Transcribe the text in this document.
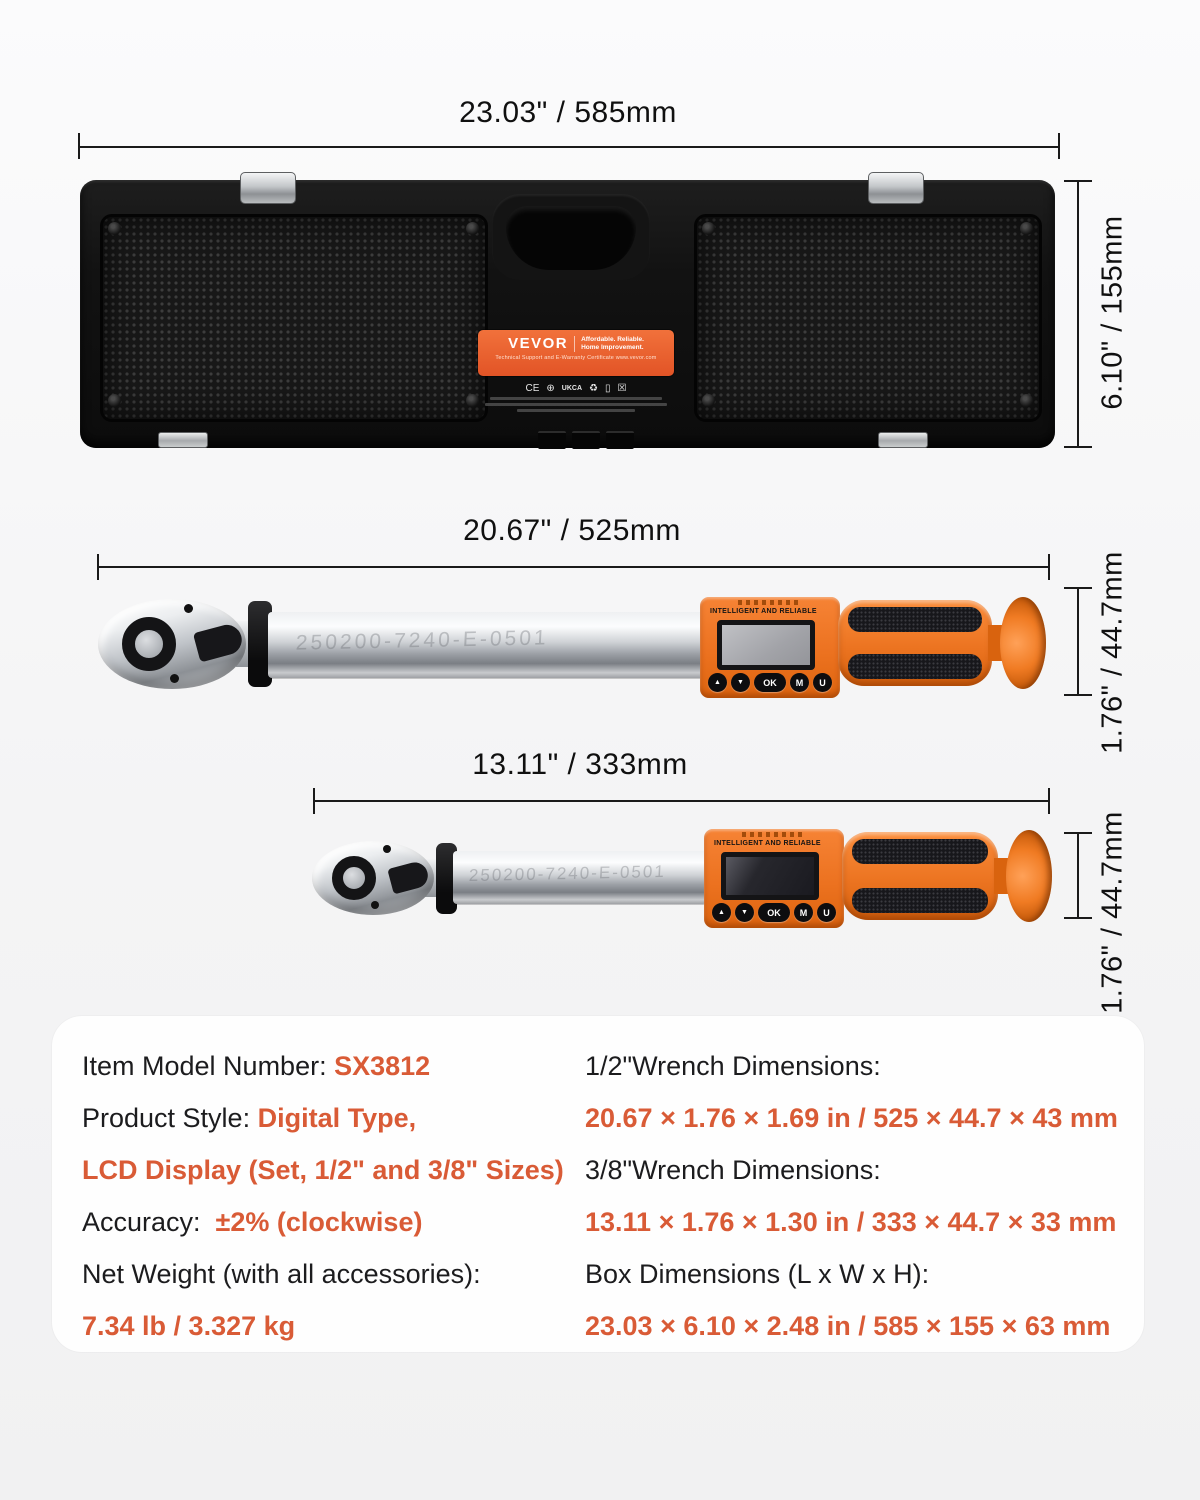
23.03" / 585mm
VEVOR Affordable. Reliable.
Home Improvement.
Technical Support and E-Warranty Certificate www.vevor.com
CE ⊕ UKCA ♻ ▯ ☒	6.10" / 155mm
20.67" / 525mm
250200-7240-E-0501
INTELLIGENT AND RELIABLE
▲	▼	OK	M	U	1.76" / 44.7mm
13.11" / 333mm
250200-7240-E-0501
INTELLIGENT AND RELIABLE
▲	▼	OK	M	U	1.76" / 44.7mm
Item Model Number: SX3812
Product Style: Digital Type,
LCD Display (Set, 1/2" and 3/8" Sizes)
Accuracy:  ±2% (clockwise)
Net Weight (with all accessories):
7.34 lb / 3.327 kg
1/2"Wrench Dimensions:
20.67 × 1.76 × 1.69 in / 525 × 44.7 × 43 mm
3/8"Wrench Dimensions:
13.11 × 1.76 × 1.30 in / 333 × 44.7 × 33 mm
Box Dimensions (L x W x H):
23.03 × 6.10 × 2.48 in / 585 × 155 × 63 mm
